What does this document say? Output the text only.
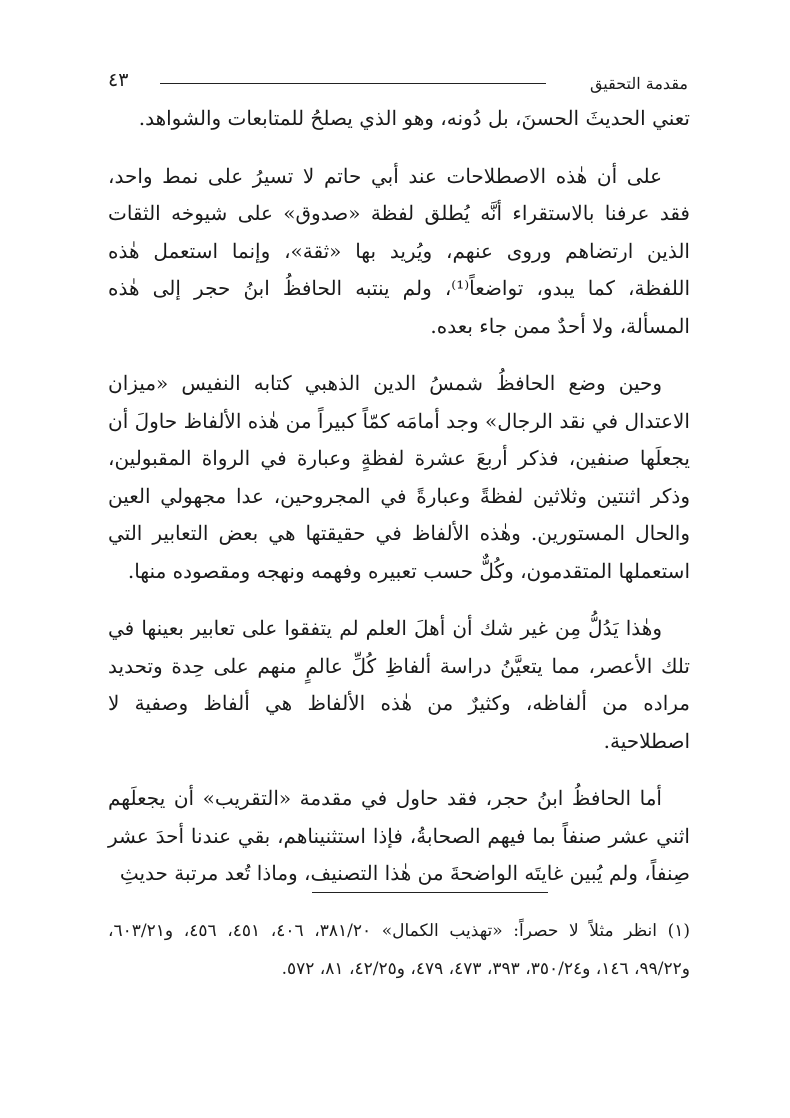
٤٣	مقدمة التحقيق

تعني الحديثَ الحسنَ، بل دُونه، وهو الذي يصلحُ للمتابعات والشواهد.

على أن هٰذه الاصطلاحات عند أبي حاتم لا تسيرُ على نمط واحد، فقد عرفنا بالاستقراء أنَّه يُطلق لفظة «صدوق» على شيوخه الثقات الذين ارتضاهم وروى عنهم، ويُريد بها «ثقة»، وإنما استعمل هٰذه اللفظة، كما يبدو، تواضعاً⁽¹⁾، ولم ينتبه الحافظُ ابنُ حجر إلى هٰذه المسألة، ولا أحدٌ ممن جاء بعده.

وحين وضع الحافظُ شمسُ الدين الذهبي كتابه النفيس «ميزان الاعتدال في نقد الرجال» وجد أمامَه كمّاً كبيراً من هٰذه الألفاظ حاولَ أن يجعلَها صنفين، فذكر أربعَ عشرة لفظةٍ وعبارة في الرواة المقبولين، وذكر اثنتين وثلاثين لفظةً وعبارةً في المجروحين، عدا مجهولي العين والحال المستورين. وهٰذه الألفاظ في حقيقتها هي بعض التعابير التي استعملها المتقدمون، وكُلٌّ حسب تعبيره وفهمه ونهجه ومقصوده منها.

وهٰذا يَدُلُّ مِن غير شك أن أهلَ العلم لم يتفقوا على تعابير بعينها في تلك الأعصر، مما يتعيَّنُ دراسة ألفاظِ كُلِّ عالمٍ منهم على حِدة وتحديد مراده من ألفاظه، وكثيرٌ من هٰذه الألفاظ هي ألفاظ وصفية لا اصطلاحية.

أما الحافظُ ابنُ حجر، فقد حاول في مقدمة «التقريب» أن يجعلَهم اثني عشر صنفاً بما فيهم الصحابةُ، فإذا استثنيناهم، بقي عندنا أحدَ عشر صِنفاً، ولم يُبين غايتَه الواضحةَ من هٰذا التصنيف، وماذا تُعد مرتبة حديثِ

(١) انظر مثلاً لا حصراً: «تهذيب الكمال» ٣٨١/٢٠، ٤٠٦، ٤٥١، ٤٥٦، و٦٠٣/٢١، و٩٩/٢٢، ١٤٦، و٣٥٠/٢٤، ٣٩٣، ٤٧٣، ٤٧٩، و٤٢/٢٥، ٨١، ٥٧٢.
